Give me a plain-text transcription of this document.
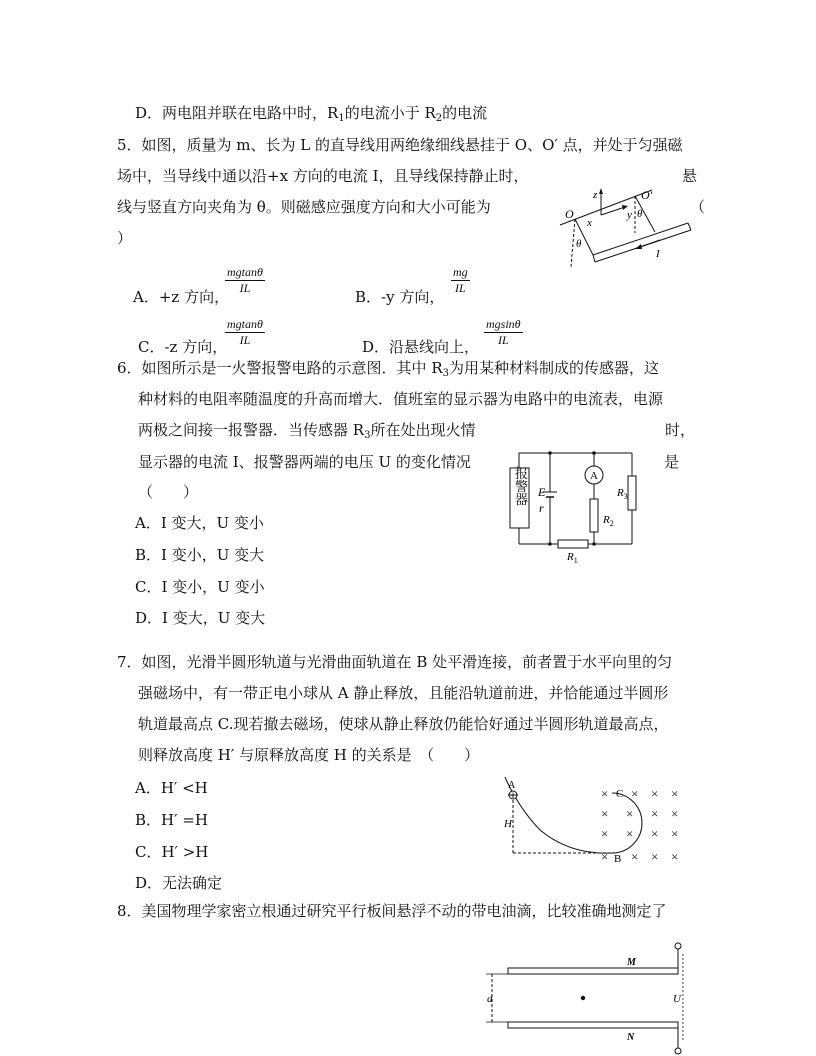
D．两电阻并联在电路中时，$R_1$的电流小于 $R_2$的电流
5．如图，质量为 m、长为 L 的直导线用两绝缘细线悬挂于 O、O′ 点，并处于匀强磁
场中，当导线中通以沿+x 方向的电流 I，且导线保持静止时，	悬
线与竖直方向夹角为 θ。则磁感应强度方向和大小可能为	（
）
z
O
O′
x
y
θ
θ
I
A．+z 方向，
$\frac{mgtan\theta}{IL}$
B．-y 方向，
$\frac{mg}{IL}$
C．-z 方向，
$\frac{mgtan\theta}{IL}$	D．沿悬线向上， $\frac{mgsin\theta}{IL}$
6．如图所示是一火警报警电路的示意图．其中 $R_3$为用某种材料制成的传感器，这
种材料的电阻率随温度的升高而增大．值班室的显示器为电路中的电流表，电源
两极之间接一报警器．当传感器 $R_3$所在处出现火情	时，
显示器的电流 I、报警器两端的电压 U 的变化情况	是
（　　）
A．I 变大，U 变小
B．I 变小，U 变大
C．I 变小，U 变小
D．I 变大，U 变大
报警器 E
r
A
$R_2$
$R_3$
$R_1$
7．如图，光滑半圆形轨道与光滑曲面轨道在 B 处平滑连接，前者置于水平向里的匀
强磁场中，有一带正电小球从 A 静止释放，且能沿轨道前进，并恰能通过半圆形
轨道最高点 C.现若撤去磁场，使球从静止释放仍能恰好通过半圆形轨道最高点，
则释放高度 H′ 与原释放高度 H 的关系是　（　　）
A．H′ <H
B．H′ =H
C．H′ >H
D．无法确定
A
H
C
B
× × × ×
× × × ×
× × × ×
× × × ×
8．美国物理学家密立根通过研究平行板间悬浮不动的带电油滴，比较准确地测定了
U
d
M
N
